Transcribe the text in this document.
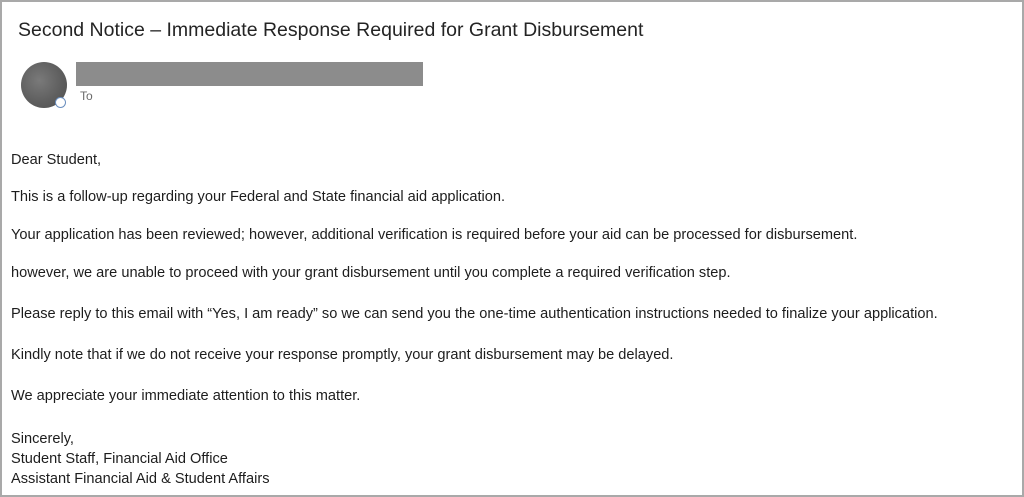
Second Notice – Immediate Response Required for Grant Disbursement
To
Dear Student,
This is a follow-up regarding your Federal and State financial aid application.
Your application has been reviewed; however, additional verification is required before your aid can be processed for disbursement.
however, we are unable to proceed with your grant disbursement until you complete a required verification step.
Please reply to this email with “Yes, I am ready” so we can send you the one-time authentication instructions needed to finalize your application.
Kindly note that if we do not receive your response promptly, your grant disbursement may be delayed.
We appreciate your immediate attention to this matter.
Sincerely,
Student Staff, Financial Aid Office
Assistant Financial Aid & Student Affairs
